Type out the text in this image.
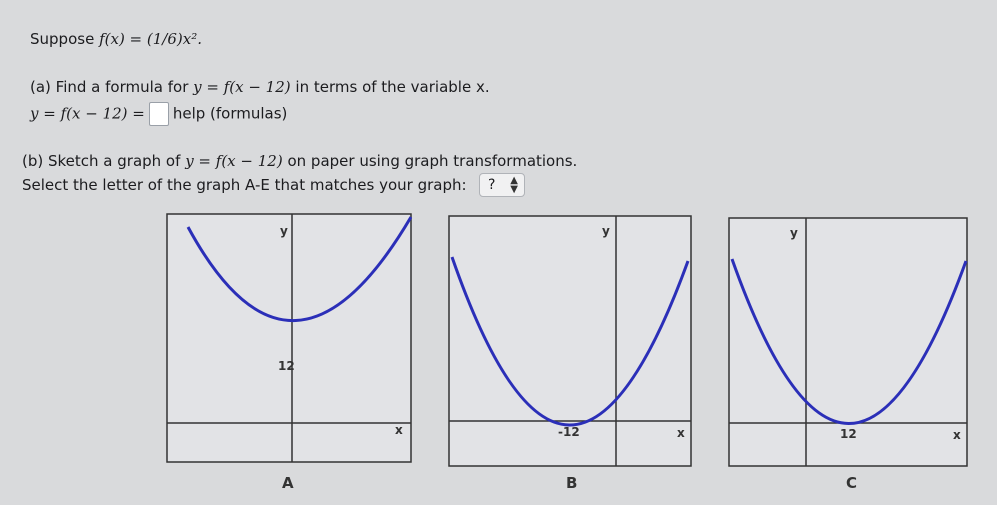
Suppose f(x) = (1/6)x².
(a) Find a formula for y = f(x − 12) in terms of the variable x.
y = f(x − 12) = help (formulas)
(b) Sketch a graph of y = f(x − 12) on paper using graph transformations.
Select the letter of the graph A-E that matches your graph: ? ▲
▼
y
x
12
A
y
x
-12
B
y
x
12
C
